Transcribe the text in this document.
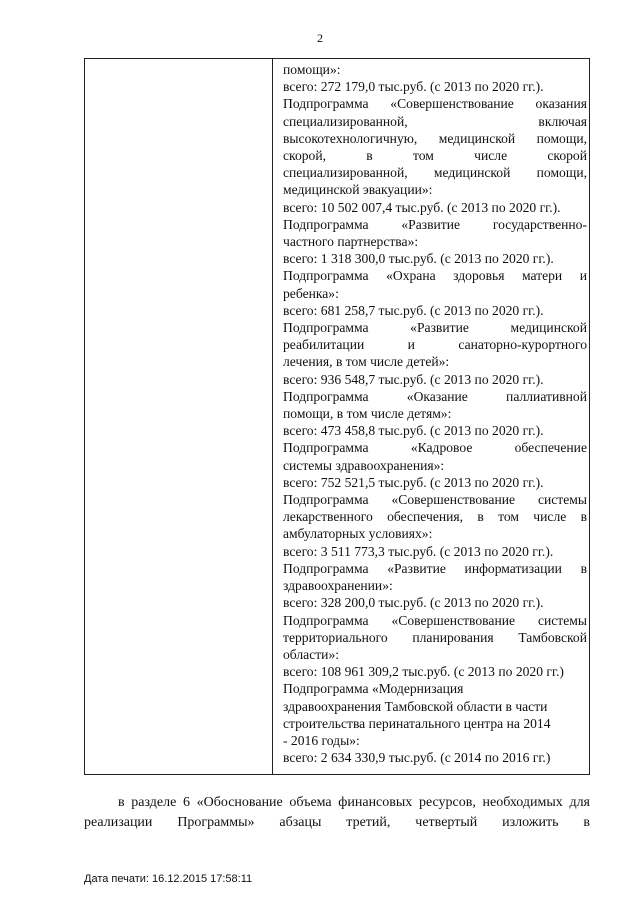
2

помощи»:

всего: 272 179,0 тыс.руб. (с 2013 по 2020 гг.).

Подпрограмма «Совершенствование оказания

специализированной, включая

высокотехнологичную, медицинской помощи,

скорой, в том числе скорой

специализированной, медицинской помощи,

медицинской эвакуации»:

всего: 10 502 007,4 тыс.руб. (с 2013 по 2020 гг.).

Подпрограмма «Развитие государственно-

частного партнерства»:

всего: 1 318 300,0 тыс.руб. (с 2013 по 2020 гг.).

Подпрограмма «Охрана здоровья матери и

ребенка»:

всего: 681 258,7 тыс.руб. (с 2013 по 2020 гг.).

Подпрограмма «Развитие медицинской

реабилитации и санаторно-курортного

лечения, в том числе детей»:

всего: 936 548,7 тыс.руб. (с 2013 по 2020 гг.).

Подпрограмма «Оказание паллиативной

помощи, в том числе детям»:

всего: 473 458,8 тыс.руб. (с 2013 по 2020 гг.).

Подпрограмма «Кадровое обеспечение

системы здравоохранения»:

всего: 752 521,5 тыс.руб. (с 2013 по 2020 гг.).

Подпрограмма «Совершенствование системы

лекарственного обеспечения, в том числе в

амбулаторных условиях»:

всего: 3 511 773,3 тыс.руб. (с 2013 по 2020 гг.).

Подпрограмма «Развитие информатизации в

здравоохранении»:

всего: 328 200,0 тыс.руб. (с 2013 по 2020 гг.).

Подпрограмма «Совершенствование системы

территориального планирования Тамбовской

области»:

всего: 108 961 309,2 тыс.руб. (с 2013 по 2020 гг.)

Подпрограмма «Модернизация

здравоохранения Тамбовской области в части

строительства перинатального центра на 2014

- 2016 годы»:

всего: 2 634 330,9 тыс.руб. (с 2014 по 2016 гг.)

в разделе 6 «Обоснование объема финансовых ресурсов, необходимых для реализации Программы» абзацы третий, четвертый изложить в
Дата печати: 16.12.2015 17:58:11
